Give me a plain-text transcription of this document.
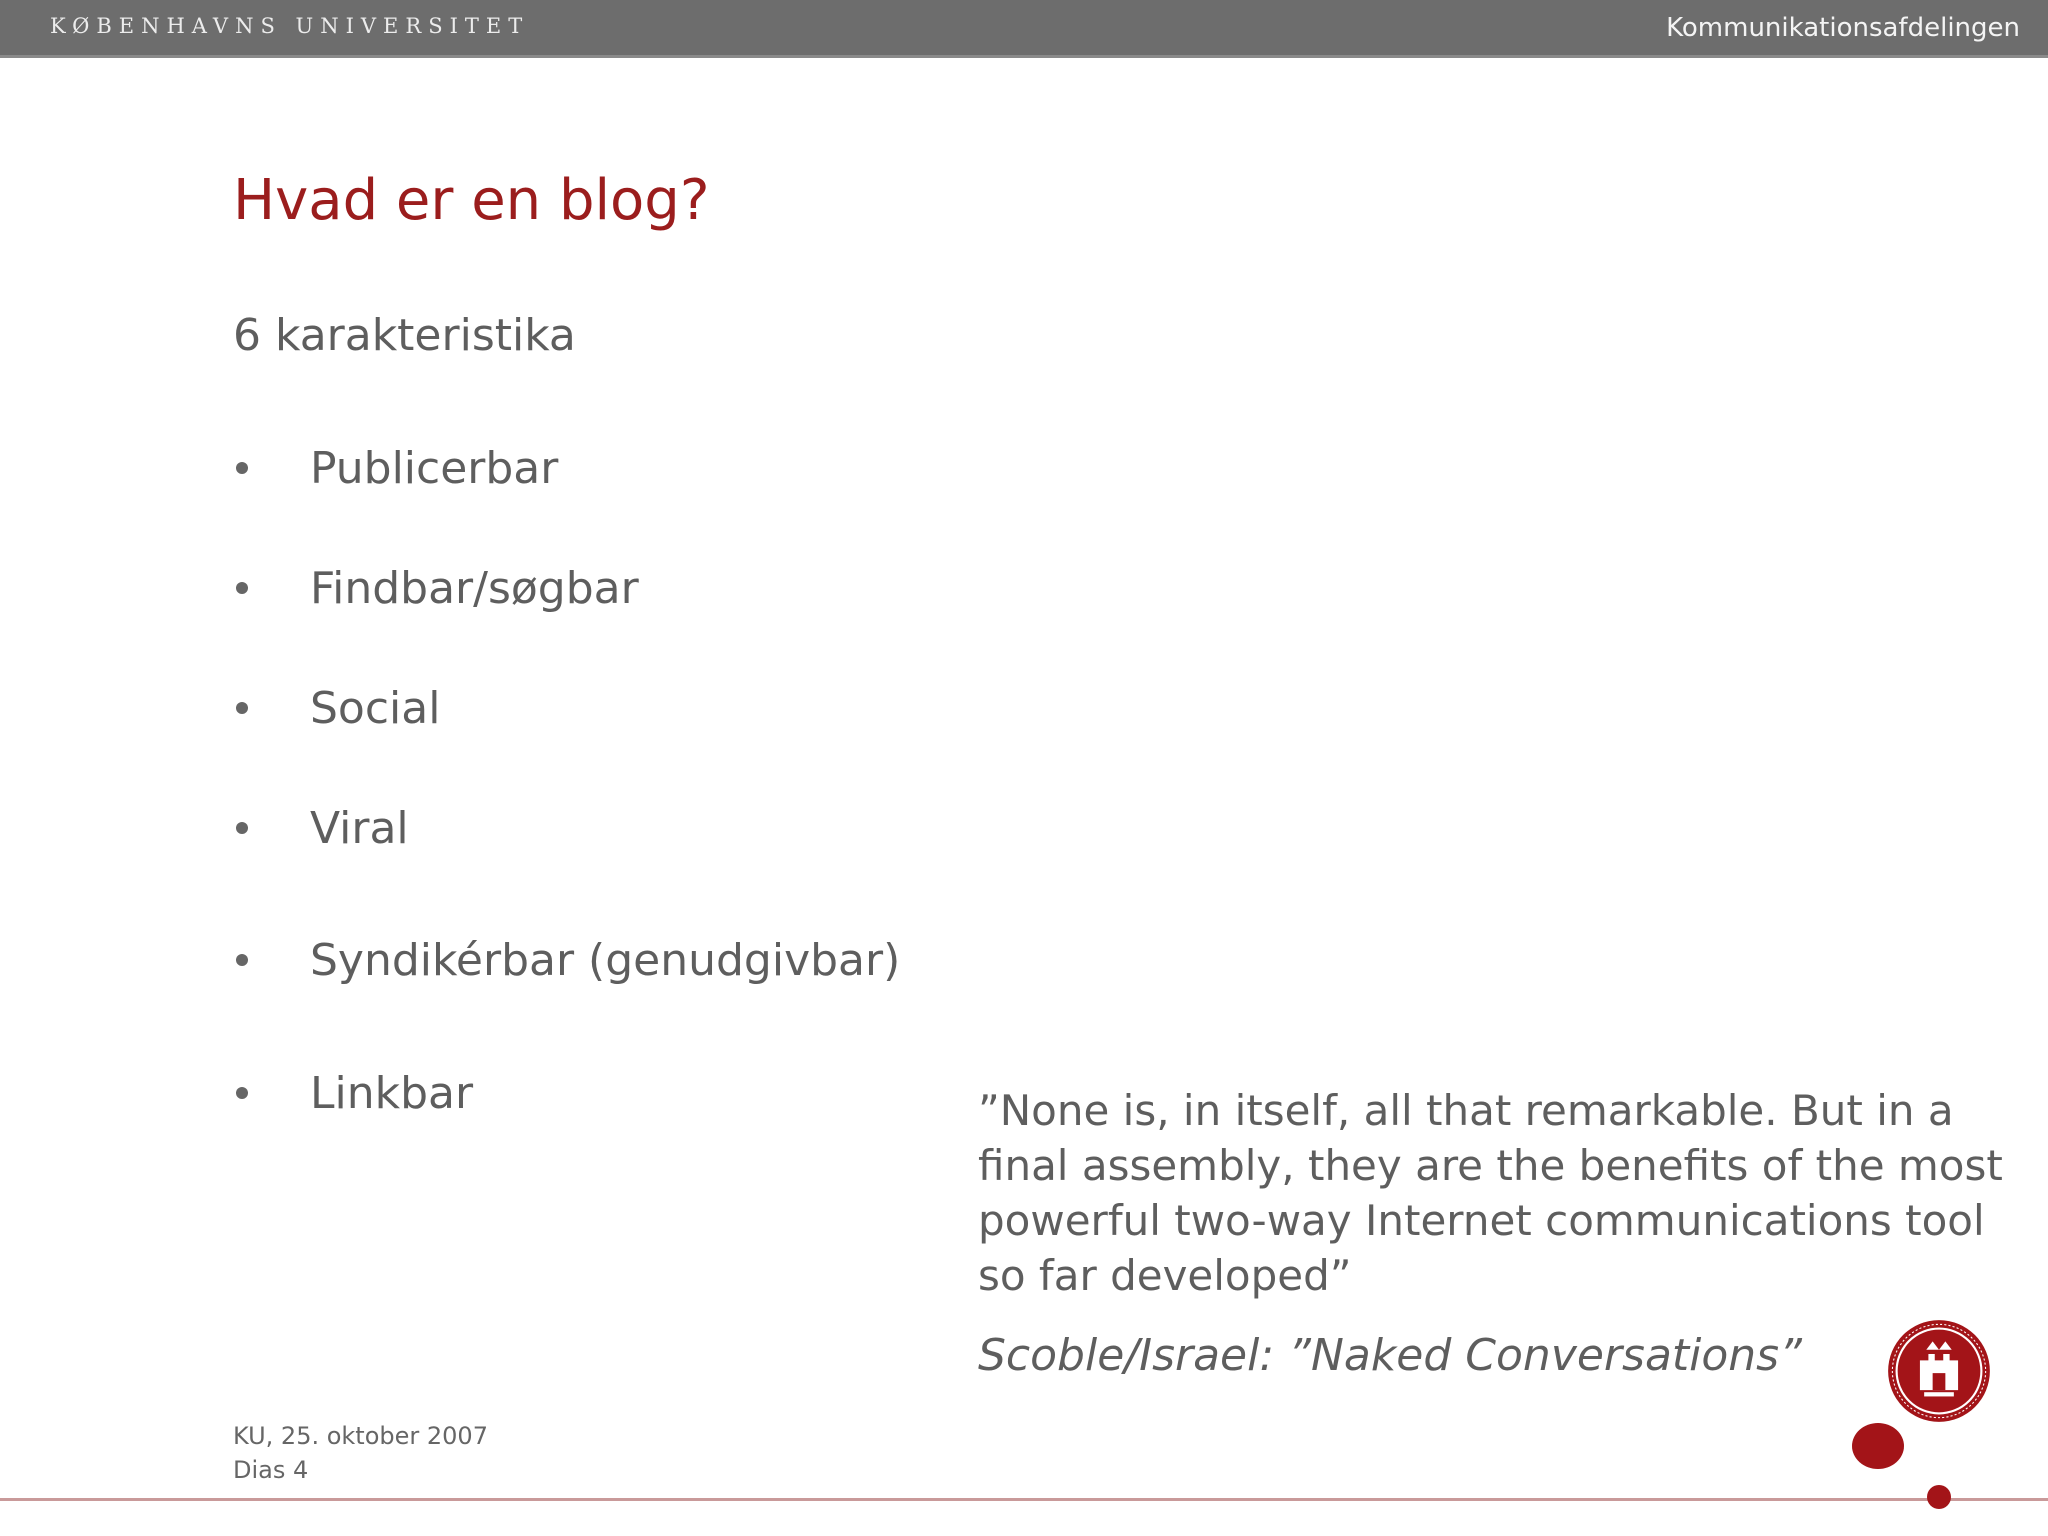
KØBENHAVNS UNIVERSITET	Kommunikationsafdelingen
Hvad er en blog?
6 karakteristika
Publicerbar
Findbar/søgbar
Social
Viral
Syndikérbar (genudgivbar)
Linkbar	”None is, in itself, all that remarkable. But in a final assembly, they are the benefits of the most powerful two-way Internet communications tool so far developed”
Scoble/Israel: ”Naked Conversations”
KU, 25. oktober 2007
Dias 4
